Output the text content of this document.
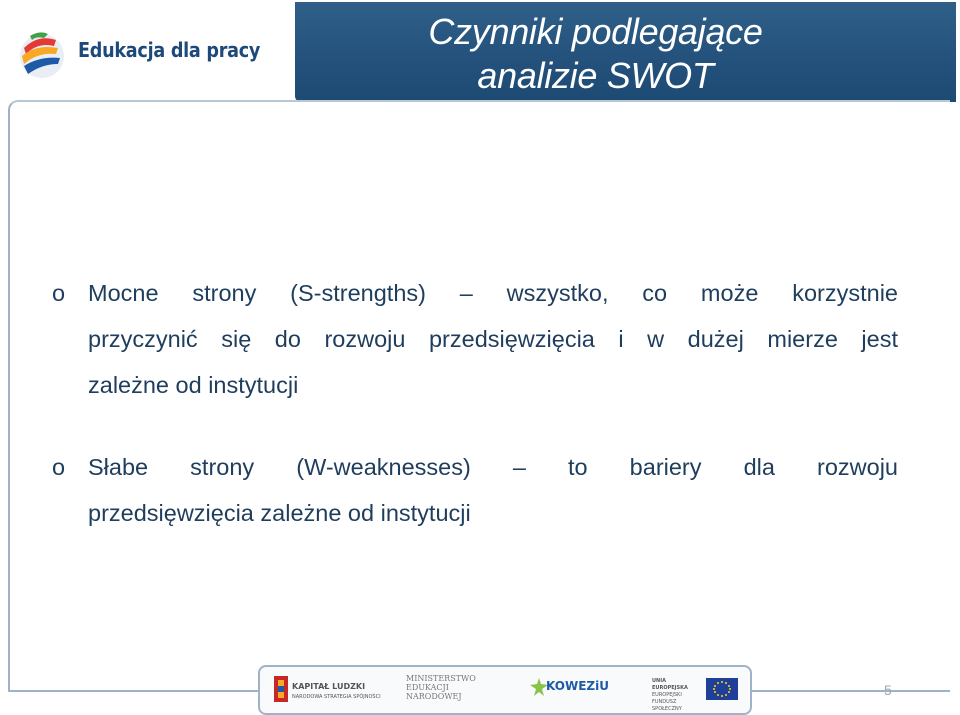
Czynniki podlegające
analizie SWOT
Edukacja dla pracy
o Mocne strony (S-strengths) – wszystko, co może korzystnie
przyczynić się do rozwoju przedsięwzięcia i w dużej mierze jest
zależne od instytucji
o Słabe strony (W-weaknesses) – to bariery dla rozwoju
przedsięwzięcia zależne od instytucji
KAPITAŁ LUDZKI
NARODOWA STRATEGIA SPÓJNOŚCI
MINISTERSTWO
EDUKACJI
NARODOWEJ
KOWEZiU	UNIA EUROPEJSKA
EUROPEJSKI
FUNDUSZ SPOŁECZNY
5
